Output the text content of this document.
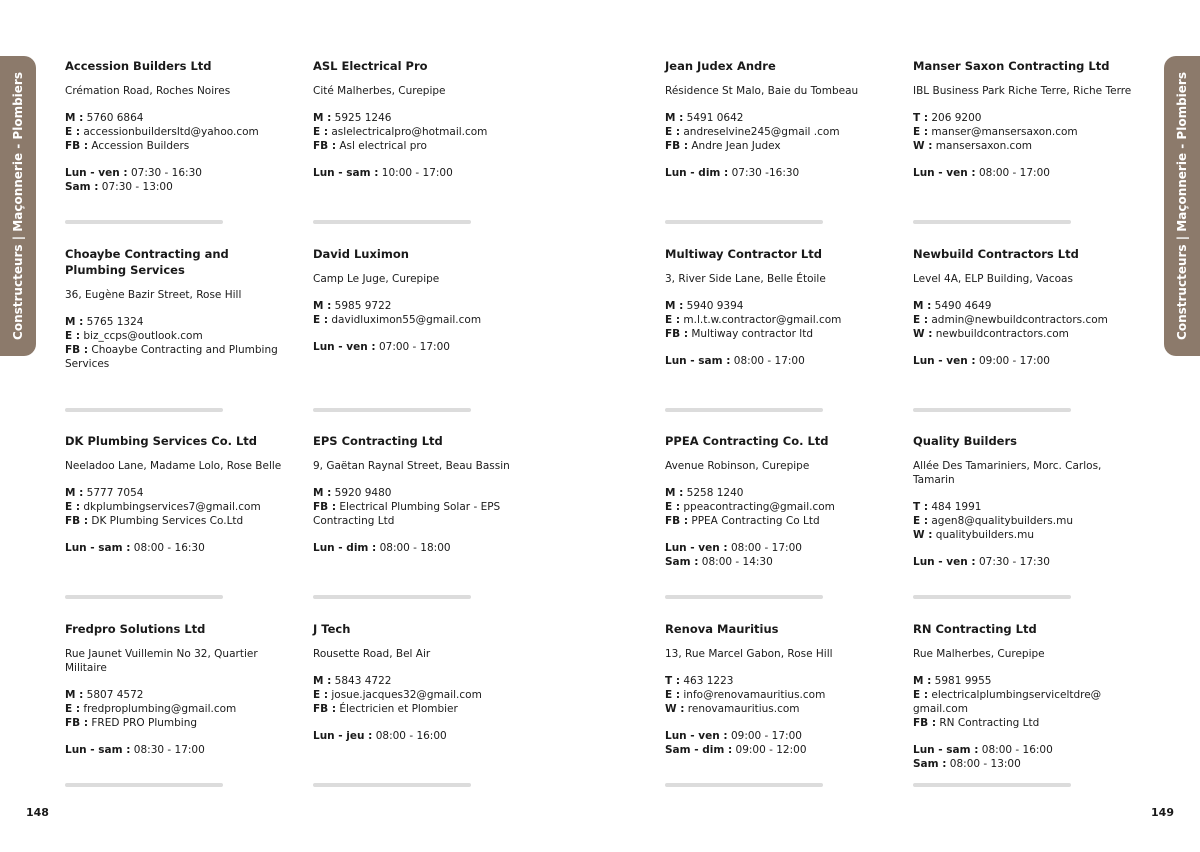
Constructeurs | Maçonnerie - Plombiers	Constructeurs | Maçonnerie - Plombiers
Accession Builders Ltd
Crémation Road, Roches Noires
M : 5760 6864
E : accessionbuildersltd@yahoo.com
FB : Accession Builders
Lun - ven : 07:30 - 16:30
Sam : 07:30 - 13:00
ASL Electrical Pro
Cité Malherbes, Curepipe
M : 5925 1246
E : aslelectricalpro@hotmail.com
FB : Asl electrical pro
Lun - sam : 10:00 - 17:00
Choaybe Contracting and Plumbing Services
36, Eugène Bazir Street, Rose Hill
M : 5765 1324
E : biz_ccps@outlook.com
FB : Choaybe Contracting and Plumbing Services
David Luximon
Camp Le Juge, Curepipe
M : 5985 9722
E : davidluximon55@gmail.com
Lun - ven : 07:00 - 17:00
DK Plumbing Services Co. Ltd
Neeladoo Lane, Madame Lolo, Rose Belle
M : 5777 7054
E : dkplumbingservices7@gmail.com
FB : DK Plumbing Services Co.Ltd
Lun - sam : 08:00 - 16:30
EPS Contracting Ltd
9, Gaëtan Raynal Street, Beau Bassin
M : 5920 9480
FB : Electrical Plumbing Solar - EPS Contracting Ltd
Lun - dim : 08:00 - 18:00
Fredpro Solutions Ltd
Rue Jaunet Vuillemin No 32, Quartier Militaire
M : 5807 4572
E : fredproplumbing@gmail.com
FB : FRED PRO Plumbing
Lun - sam : 08:30 - 17:00
J Tech
Rousette Road, Bel Air
M : 5843 4722
E : josue.jacques32@gmail.com
FB : Électricien et Plombier
Lun - jeu : 08:00 - 16:00
Jean Judex Andre
Résidence St Malo, Baie du Tombeau
M : 5491 0642
E : andreselvine245@gmail .com
FB : Andre Jean Judex
Lun - dim : 07:30 -16:30
Manser Saxon Contracting Ltd
IBL Business Park Riche Terre, Riche Terre
T : 206 9200
E : manser@mansersaxon.com
W : mansersaxon.com
Lun - ven : 08:00 - 17:00
Multiway Contractor Ltd
3, River Side Lane, Belle Étoile
M : 5940 9394
E : m.l.t.w.contractor@gmail.com
FB : Multiway contractor ltd
Lun - sam : 08:00 - 17:00
Newbuild Contractors Ltd
Level 4A, ELP Building, Vacoas
M : 5490 4649
E : admin@newbuildcontractors.com
W : newbuildcontractors.com
Lun - ven : 09:00 - 17:00
PPEA Contracting Co. Ltd
Avenue Robinson, Curepipe
M : 5258 1240
E : ppeacontracting@gmail.com
FB : PPEA Contracting Co Ltd
Lun - ven : 08:00 - 17:00
Sam : 08:00 - 14:30
Quality Builders
Allée Des Tamariniers, Morc. Carlos, Tamarin
T : 484 1991
E : agen8@qualitybuilders.mu
W : qualitybuilders.mu
Lun - ven : 07:30 - 17:30
Renova Mauritius
13, Rue Marcel Gabon, Rose Hill
T : 463 1223
E : info@renovamauritius.com
W : renovamauritius.com
Lun - ven : 09:00 - 17:00
Sam - dim : 09:00 - 12:00
RN Contracting Ltd
Rue Malherbes, Curepipe
M : 5981 9955
E : electricalplumbingserviceltdre@ gmail.com
FB : RN Contracting Ltd
Lun - sam : 08:00 - 16:00
Sam : 08:00 - 13:00
148	149
